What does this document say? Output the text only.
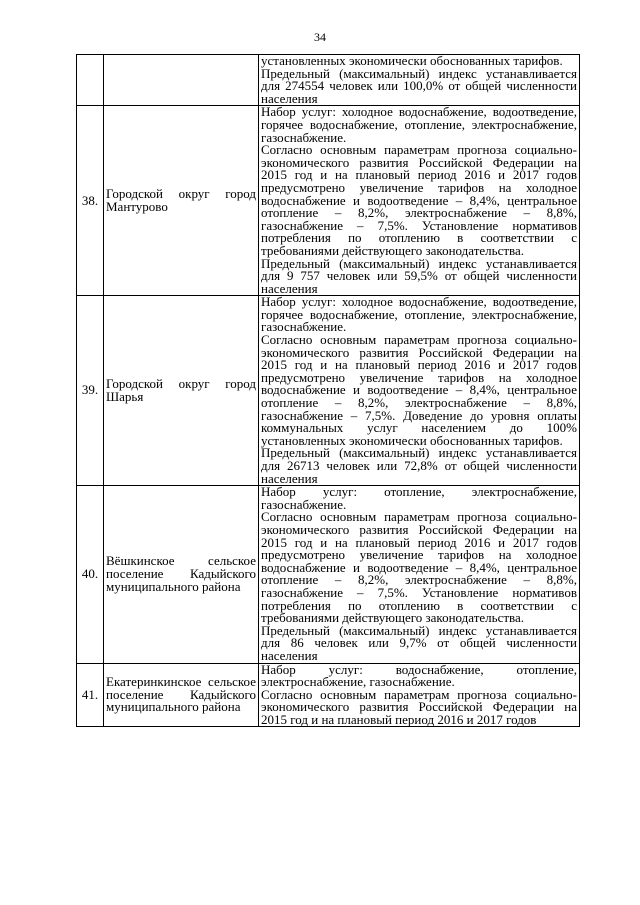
34

		установленных экономически обоснованных тарифов.

Предельный (максимальный) индекс устанавливается для 274554 человек или 100,0% от общей численности населения

38.	Городской округ город Мантурово	Набор услуг: холодное водоснабжение, водоотведение, горячее водоснабжение, отопление, электроснабжение, газоснабжение.

Согласно основным параметрам прогноза социально-экономического развития Российской Федерации на 2015 год и на плановый период 2016 и 2017 годов предусмотрено увеличение тарифов на холодное водоснабжение и водоотведение – 8,4%, центральное отопление – 8,2%, электроснабжение – 8,8%, газоснабжение – 7,5%. Установление нормативов потребления по отоплению в соответствии с требованиями действующего законодательства.

Предельный (максимальный) индекс устанавливается для 9 757 человек или 59,5% от общей численности населения

39.	Городской округ город Шарья	Набор услуг: холодное водоснабжение, водоотведение, горячее водоснабжение, отопление, электроснабжение, газоснабжение.

Согласно основным параметрам прогноза социально-экономического развития Российской Федерации на 2015 год и на плановый период 2016 и 2017 годов предусмотрено увеличение тарифов на холодное водоснабжение и водоотведение – 8,4%, центральное отопление – 8,2%, электроснабжение – 8,8%, газоснабжение – 7,5%. Доведение до уровня оплаты коммунальных услуг населением до 100% установленных экономически обоснованных тарифов.

Предельный (максимальный) индекс устанавливается для 26713 человек или 72,8% от общей численности населения

40.	Вёшкинское сельское поселение Кадыйского муниципального района	Набор услуг: отопление, электроснабжение, газоснабжение.

Согласно основным параметрам прогноза социально-экономического развития Российской Федерации на 2015 год и на плановый период 2016 и 2017 годов предусмотрено увеличение тарифов на холодное водоснабжение и водоотведение – 8,4%, центральное отопление – 8,2%, электроснабжение – 8,8%, газоснабжение – 7,5%. Установление нормативов потребления по отоплению в соответствии с требованиями действующего законодательства.

Предельный (максимальный) индекс устанавливается для 86 человек или 9,7% от общей численности населения

41.	Екатеринкинское сельское поселение Кадыйского муниципального района	Набор услуг: водоснабжение, отопление, электроснабжение, газоснабжение.

Согласно основным параметрам прогноза социально-экономического развития Российской Федерации на 2015 год и на плановый период 2016 и 2017 годов
